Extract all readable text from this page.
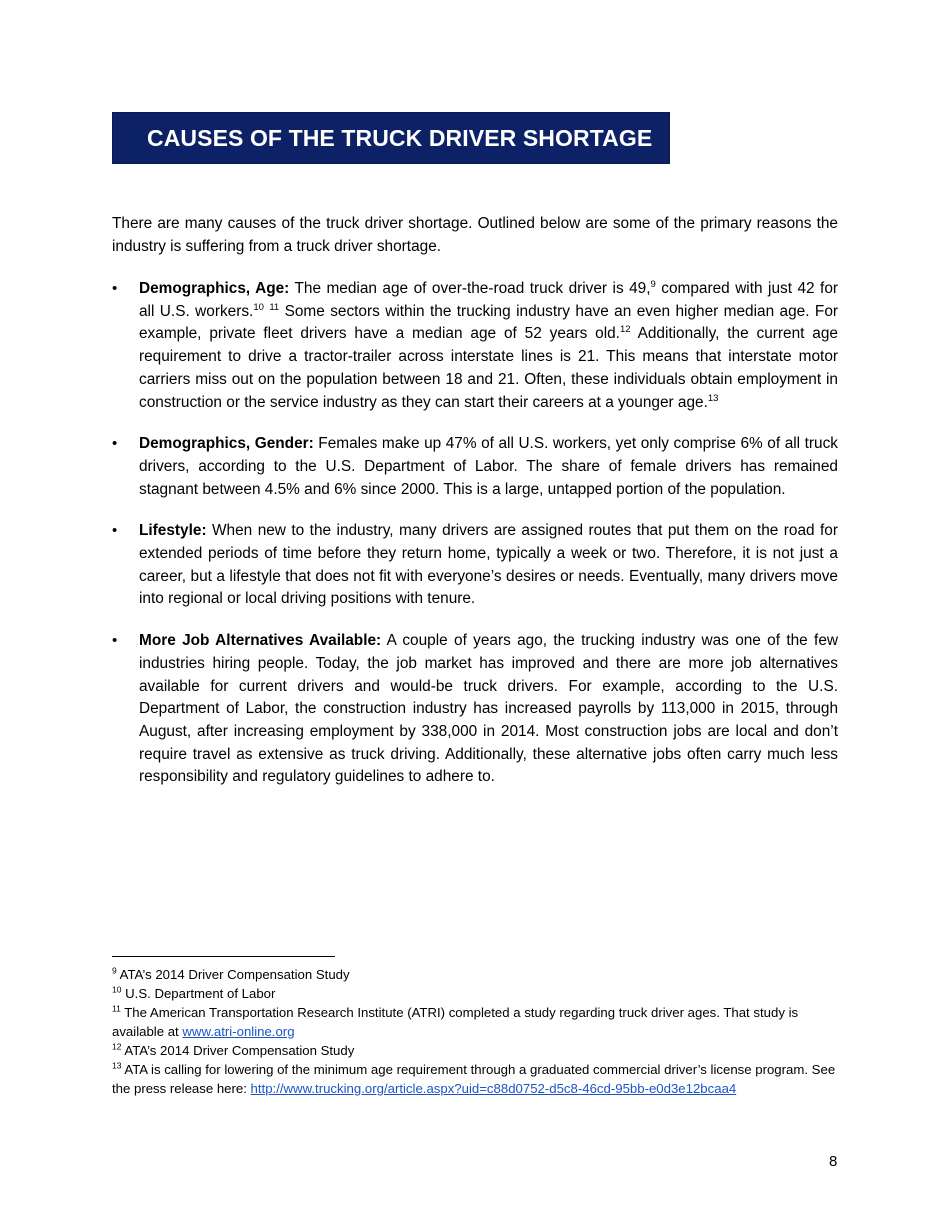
CAUSES OF THE TRUCK DRIVER SHORTAGE

There are many causes of the truck driver shortage. Outlined below are some of the primary reasons the industry is suffering from a truck driver shortage.

• Demographics, Age: The median age of over-the-road truck driver is 49,$^9$ compared with just 42 for all U.S. workers.$^{10}$ $^{11}$ Some sectors within the trucking industry have an even higher median age. For example, private fleet drivers have a median age of 52 years old.$^{12}$ Additionally, the current age requirement to drive a tractor-trailer across interstate lines is 21. This means that interstate motor carriers miss out on the population between 18 and 21. Often, these individuals obtain employment in construction or the service industry as they can start their careers at a younger age.$^{13}$
• Demographics, Gender: Females make up 47% of all U.S. workers, yet only comprise 6% of all truck drivers, according to the U.S. Department of Labor. The share of female drivers has remained stagnant between 4.5% and 6% since 2000. This is a large, untapped portion of the population.
• Lifestyle: When new to the industry, many drivers are assigned routes that put them on the road for extended periods of time before they return home, typically a week or two. Therefore, it is not just a career, but a lifestyle that does not fit with everyone’s desires or needs. Eventually, many drivers move into regional or local driving positions with tenure.
• More Job Alternatives Available: A couple of years ago, the trucking industry was one of the few industries hiring people. Today, the job market has improved and there are more job alternatives available for current drivers and would-be truck drivers. For example, according to the U.S. Department of Labor, the construction industry has increased payrolls by 113,000 in 2015, through August, after increasing employment by 338,000 in 2014. Most construction jobs are local and don’t require travel as extensive as truck driving. Additionally, these alternative jobs often carry much less responsibility and regulatory guidelines to adhere to.

$^9$ ATA’s 2014 Driver Compensation Study

$^{10}$ U.S. Department of Labor

$^{11}$ The American Transportation Research Institute (ATRI) completed a study regarding truck driver ages. That study is available at www.atri-online.org

$^{12}$ ATA’s 2014 Driver Compensation Study

$^{13}$ ATA is calling for lowering of the minimum age requirement through a graduated commercial driver’s license program. See the press release here: http://www.trucking.org/article.aspx?uid=c88d0752-d5c8-46cd-95bb-e0d3e12bcaa4

8
